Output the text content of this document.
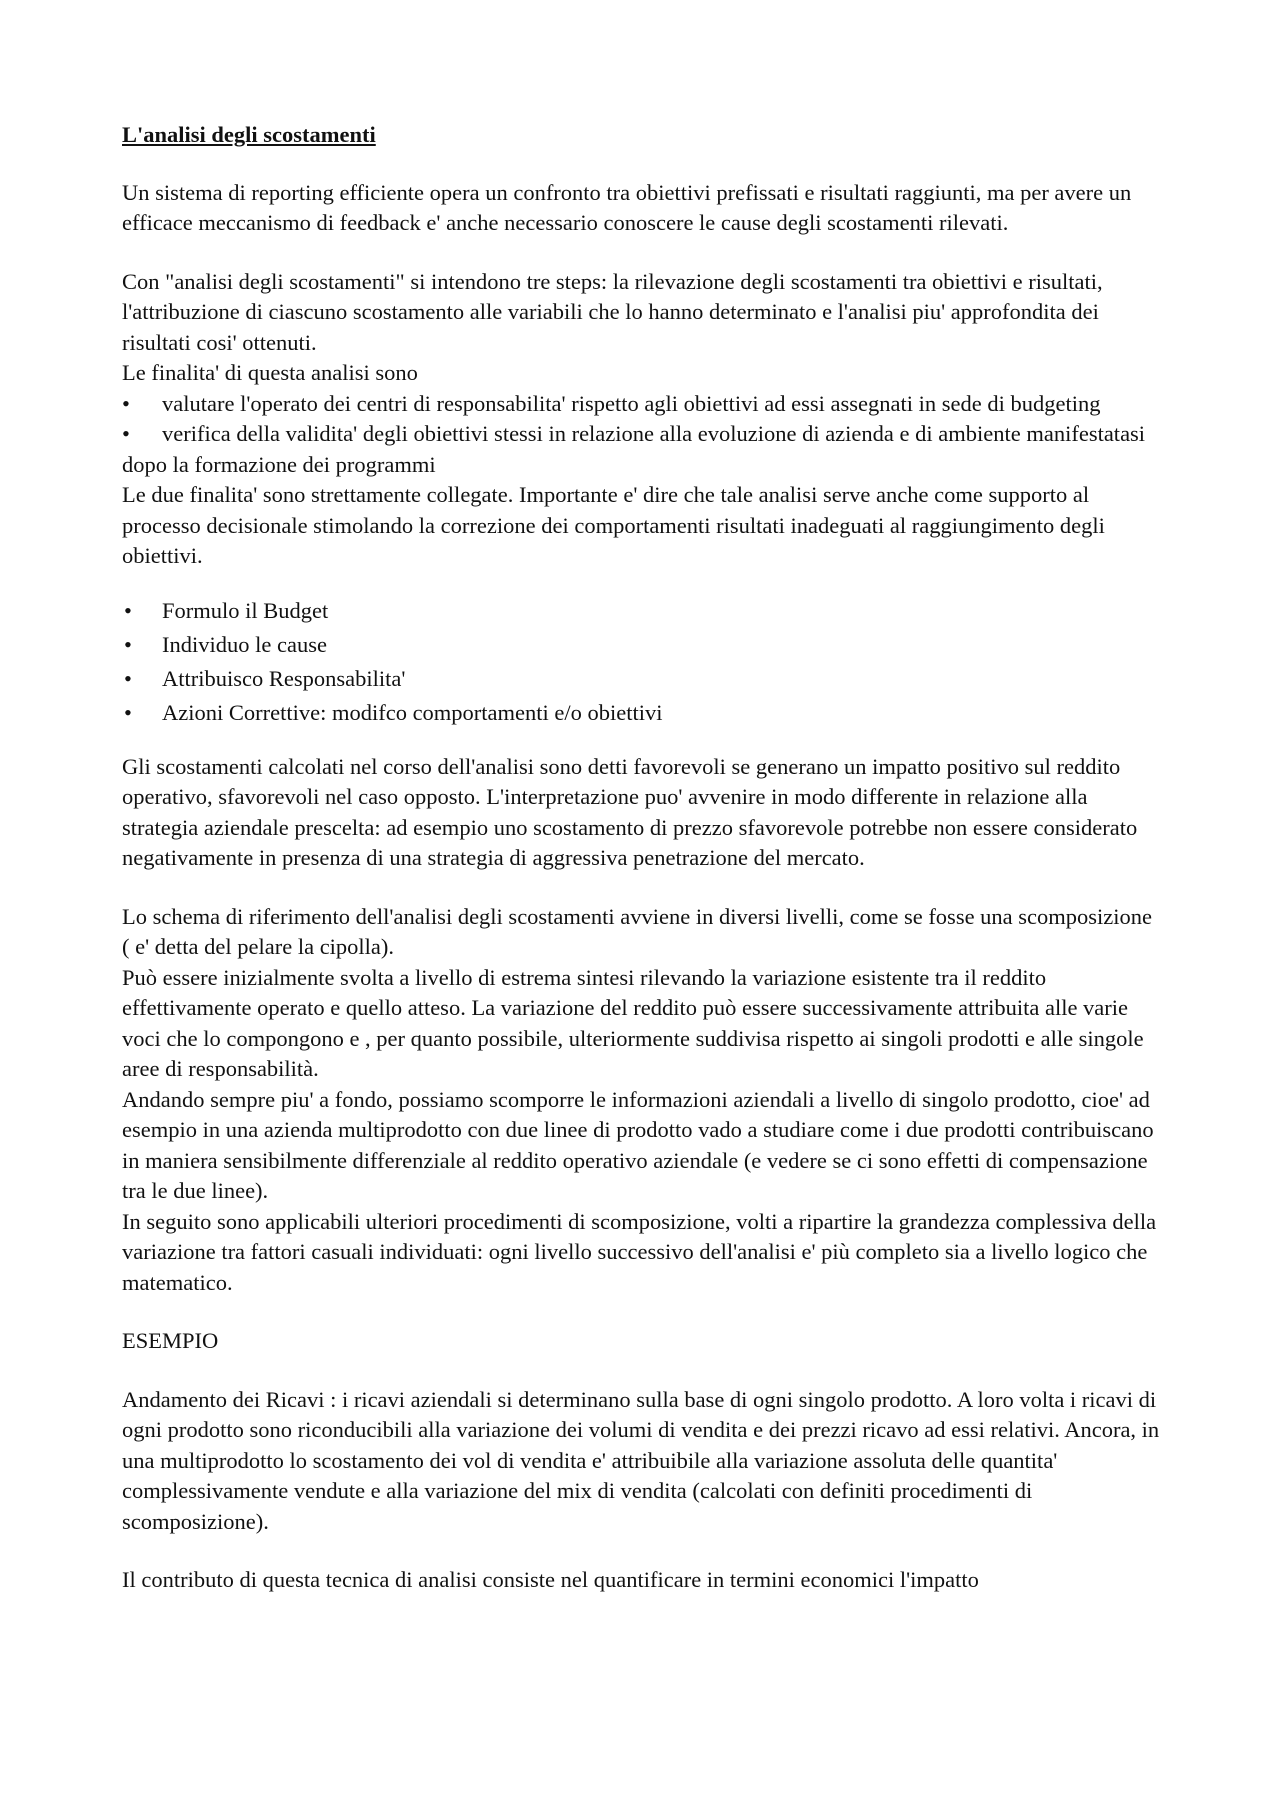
L'analisi degli scostamenti

Un sistema di reporting efficiente opera un confronto tra obiettivi prefissati e risultati raggiunti, ma per avere un efficace meccanismo di feedback e' anche necessario conoscere le cause degli scostamenti rilevati.

Con "analisi degli scostamenti" si intendono tre steps: la rilevazione degli scostamenti tra obiettivi e risultati, l'attribuzione di ciascuno scostamento alle variabili che lo hanno determinato e l'analisi piu' approfondita dei risultati cosi' ottenuti.

Le finalita' di questa analisi sono

• valutare l'operato dei centri di responsabilita' rispetto agli obiettivi ad essi assegnati in sede di budgeting
• verifica della validita' degli obiettivi stessi in relazione alla evoluzione di azienda e di ambiente manifestatasi dopo la formazione dei programmi

Le due finalita' sono strettamente collegate. Importante e' dire che tale analisi serve anche come supporto al processo decisionale stimolando la correzione dei comportamenti risultati inadeguati al raggiungimento degli obiettivi.

• Formulo il Budget
• Individuo le cause
• Attribuisco Responsabilita'
• Azioni Correttive: modifco comportamenti e/o obiettivi

Gli scostamenti calcolati nel corso dell'analisi sono detti favorevoli se generano un impatto positivo sul reddito operativo, sfavorevoli nel caso opposto. L'interpretazione puo' avvenire in modo differente in relazione alla strategia aziendale prescelta: ad esempio uno scostamento di prezzo sfavorevole potrebbe non essere considerato negativamente in presenza di una strategia di aggressiva penetrazione del mercato.

Lo schema di riferimento dell'analisi degli scostamenti avviene in diversi livelli, come se fosse una scomposizione ( e' detta del pelare la cipolla).

Può essere inizialmente svolta a livello di estrema sintesi rilevando la variazione esistente tra il reddito effettivamente operato e quello atteso. La variazione del reddito può essere successivamente attribuita alle varie voci che lo compongono e , per quanto possibile, ulteriormente suddivisa rispetto ai singoli prodotti e alle singole aree di responsabilità.

Andando sempre piu' a fondo, possiamo scomporre le informazioni aziendali a livello di singolo prodotto, cioe' ad esempio in una azienda multiprodotto con due linee di prodotto vado a studiare come i due prodotti contribuiscano in maniera sensibilmente differenziale al reddito operativo aziendale (e vedere se ci sono effetti di compensazione tra le due linee).

In seguito sono applicabili ulteriori procedimenti di scomposizione, volti a ripartire la grandezza complessiva della variazione tra fattori casuali individuati: ogni livello successivo dell'analisi e' più completo sia a livello logico che matematico.

ESEMPIO

Andamento dei Ricavi : i ricavi aziendali si determinano sulla base di ogni singolo prodotto. A loro volta i ricavi di ogni prodotto sono riconducibili alla variazione dei volumi di vendita e dei prezzi ricavo ad essi relativi. Ancora, in una multiprodotto lo scostamento dei vol di vendita e' attribuibile alla variazione assoluta delle quantita' complessivamente vendute e alla variazione del mix di vendita (calcolati con definiti procedimenti di scomposizione).

Il contributo di questa tecnica di analisi consiste nel quantificare in termini economici l'impatto
